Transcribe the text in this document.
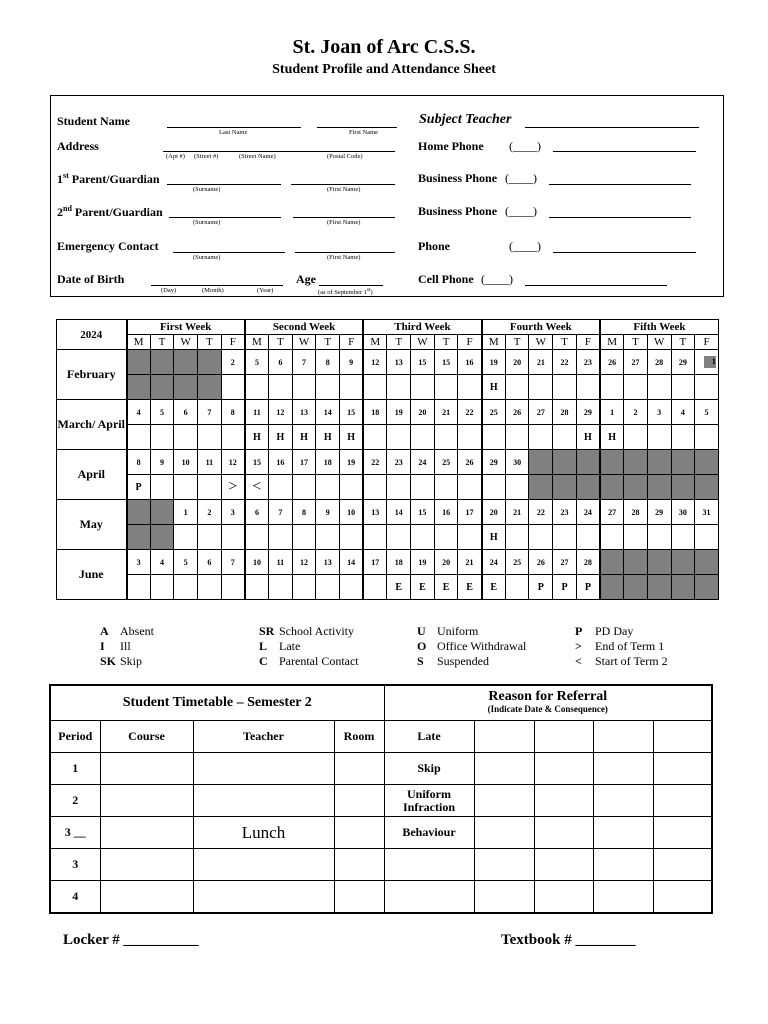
St. Joan of Arc C.S.S.
Student Profile and Attendance Sheet
Student Name
Last Name	First Name
Subject Teacher
Address
(Apt #) (Street #)	(Street Name)	(Postal Code)
Home Phone (____)
1st Parent/Guardian
(Surname)	(First Name)
Business Phone (____)
2nd Parent/Guardian
(Surname)	(First Name)
Business Phone (____)
Emergency Contact
(Surname)	(First Name)
Phone	(____)
Date of Birth
(Day)	(Month)	(Year)
Age
(as of September 1st)
Cell Phone (____)
2024	First Week					Second Week					Third Week					Fourth Week					Fifth Week				
	M	T	W	T	F	M	T	W	T	F	M	T	W	T	F	M	T	W	T	F	M	T	W	T	F
February					2	5	6	7	8	9	12	13	15	15	16	19	20	21	22	23	26	27	28	29	1
																H									
March/ April	4	5	6	7	8	11	12	13	14	15	18	19	20	21	22	25	26	27	28	29	1	2	3	4	5
						H	H	H	H	H										H	H				
April	8	9	10	11	12	15	16	17	18	19	22	23	24	25	26	29	30								
	P				>	<																			
May			1	2	3	6	7	8	9	10	13	14	15	16	17	20	21	22	23	24	27	28	29	30	31
																H									
June	3	4	5	6	7	10	11	12	13	14	17	18	19	20	21	24	25	26	27	28					
												E	E	E	E	E		P	P	P					
A Absent
I Ill
SK Skip
SR School Activity
L Late
C Parental Contact
U Uniform
O Office Withdrawal
S Suspended
P PD Day
> End of Term 1
< Start of Term 2
Student Timetable – Semester 2				Reason for Referral
(Indicate Date & Consequence)				

Period	Course	Teacher	Room	Late				
1				Skip				
2				Uniform Infraction				
3 __		Lunch		Behaviour				
3								
4								
Locker # __________	Textbook # ________
